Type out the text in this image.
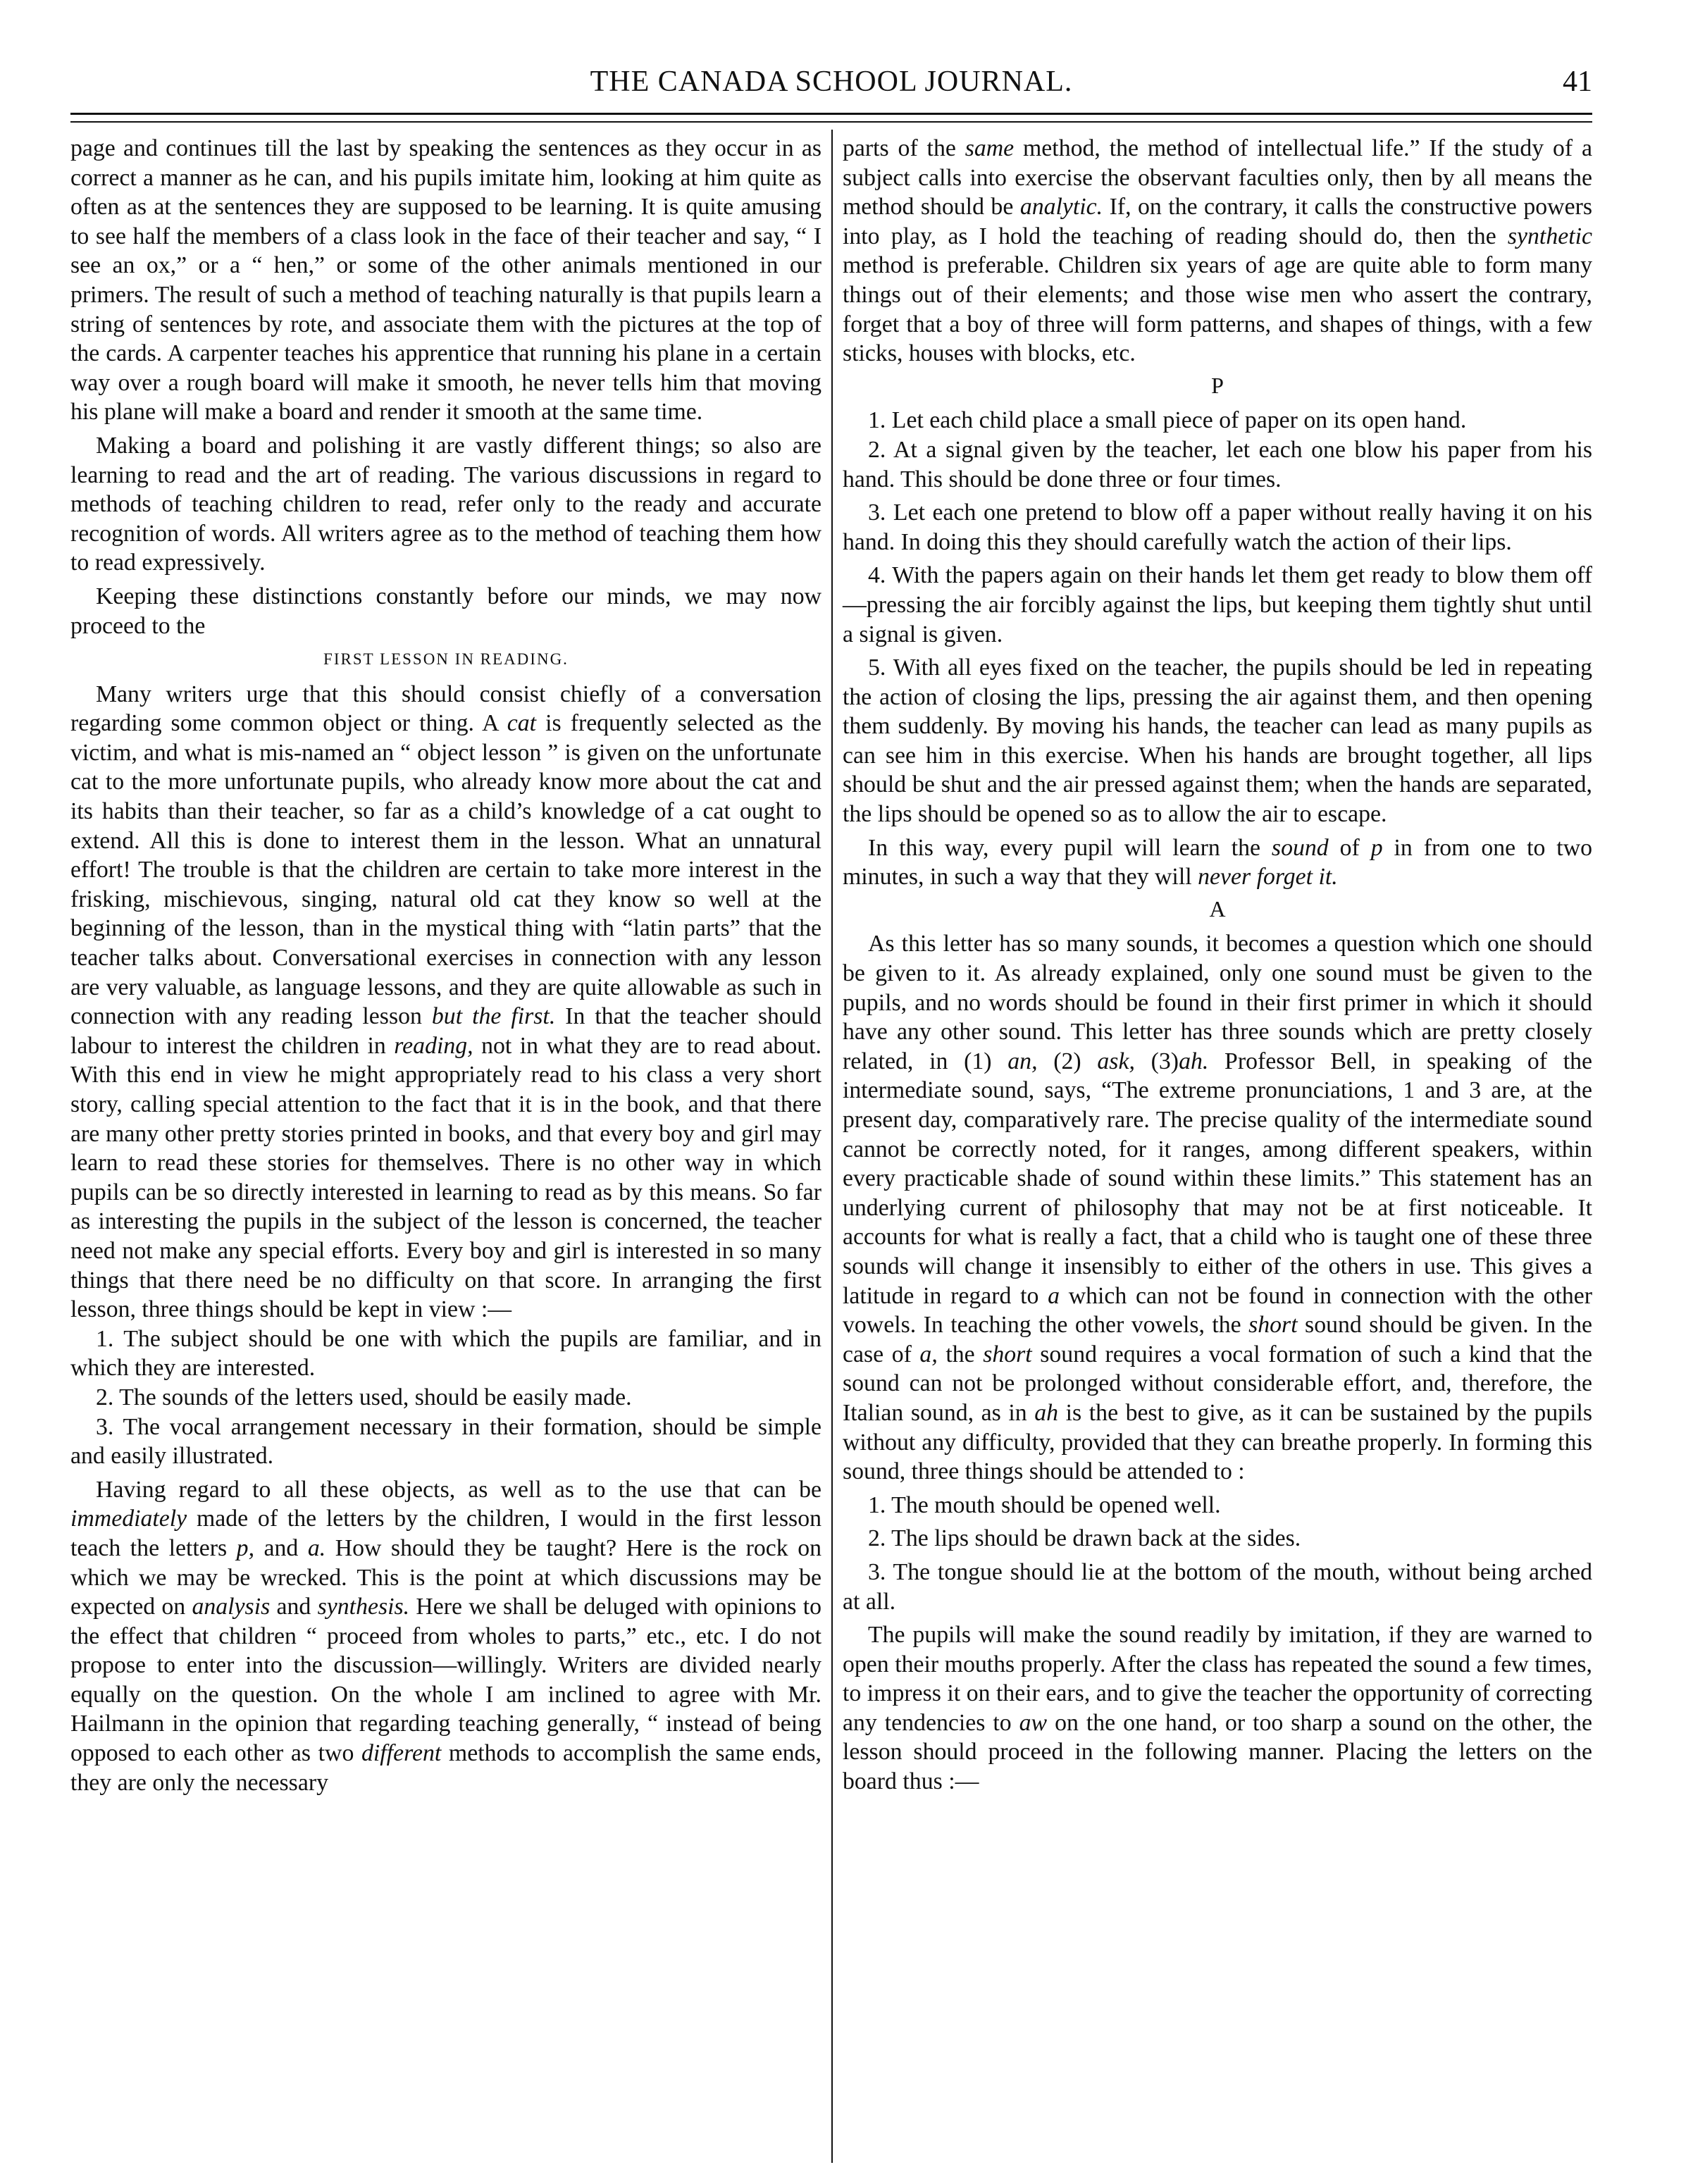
THE CANADA SCHOOL JOURNAL.	41

page and continues till the last by speaking the sentences as they occur in as correct a manner as he can, and his pupils imitate him, looking at him quite as often as at the sentences they are supposed to be learning. It is quite amusing to see half the members of a class look in the face of their teacher and say, “ I see an ox,” or a “ hen,” or some of the other animals mentioned in our primers. The result of such a method of teaching naturally is that pupils learn a string of sentences by rote, and associate them with the pictures at the top of the cards. A carpenter teaches his apprentice that running his plane in a certain way over a rough board will make it smooth, he never tells him that moving his plane will make a board and render it smooth at the same time.

Making a board and polishing it are vastly different things; so also are learning to read and the art of reading. The various discussions in regard to methods of teaching children to read, refer only to the ready and accurate recognition of words. All writers agree as to the method of teaching them how to read expressively.

Keeping these distinctions constantly before our minds, we may now proceed to the

FIRST LESSON IN READING.

Many writers urge that this should consist chiefly of a conversation regarding some common object or thing. A cat is frequently selected as the victim, and what is mis-named an “ object lesson ” is given on the unfortunate cat to the more unfortunate pupils, who already know more about the cat and its habits than their teacher, so far as a child’s knowledge of a cat ought to extend. All this is done to interest them in the lesson. What an unnatural effort! The trouble is that the children are certain to take more interest in the frisking, mischievous, singing, natural old cat they know so well at the beginning of the lesson, than in the mystical thing with “latin parts” that the teacher talks about. Conversational exercises in connection with any lesson are very valuable, as language lessons, and they are quite allowable as such in connection with any reading lesson but the first. In that the teacher should labour to interest the children in reading, not in what they are to read about. With this end in view he might appropriately read to his class a very short story, calling special attention to the fact that it is in the book, and that there are many other pretty stories printed in books, and that every boy and girl may learn to read these stories for themselves. There is no other way in which pupils can be so directly interested in learning to read as by this means. So far as interesting the pupils in the subject of the lesson is concerned, the teacher need not make any special efforts. Every boy and girl is interested in so many things that there need be no difficulty on that score. In arranging the first lesson, three things should be kept in view :—

1. The subject should be one with which the pupils are familiar, and in which they are interested.

2. The sounds of the letters used, should be easily made.

3. The vocal arrangement necessary in their formation, should be simple and easily illustrated.

Having regard to all these objects, as well as to the use that can be immediately made of the letters by the children, I would in the first lesson teach the letters p, and a. How should they be taught? Here is the rock on which we may be wrecked. This is the point at which discussions may be expected on analysis and synthesis. Here we shall be deluged with opinions to the effect that children “ proceed from wholes to parts,” etc., etc. I do not propose to enter into the discussion—willingly. Writers are divided nearly equally on the question. On the whole I am inclined to agree with Mr. Hailmann in the opinion that regarding teaching generally, “ instead of being opposed to each other as two different methods to accomplish the same ends, they are only the necessary

parts of the same method, the method of intellectual life.” If the study of a subject calls into exercise the observant faculties only, then by all means the method should be analytic. If, on the contrary, it calls the constructive powers into play, as I hold the teaching of reading should do, then the synthetic method is preferable. Children six years of age are quite able to form many things out of their elements; and those wise men who assert the contrary, forget that a boy of three will form patterns, and shapes of things, with a few sticks, houses with blocks, etc.

P

1. Let each child place a small piece of paper on its open hand.

2. At a signal given by the teacher, let each one blow his paper from his hand. This should be done three or four times.

3. Let each one pretend to blow off a paper without really having it on his hand. In doing this they should carefully watch the action of their lips.

4. With the papers again on their hands let them get ready to blow them off—pressing the air forcibly against the lips, but keeping them tightly shut until a signal is given.

5. With all eyes fixed on the teacher, the pupils should be led in repeating the action of closing the lips, pressing the air against them, and then opening them suddenly. By moving his hands, the teacher can lead as many pupils as can see him in this exercise. When his hands are brought together, all lips should be shut and the air pressed against them; when the hands are separated, the lips should be opened so as to allow the air to escape.

In this way, every pupil will learn the sound of p in from one to two minutes, in such a way that they will never forget it.

A

As this letter has so many sounds, it becomes a question which one should be given to it. As already explained, only one sound must be given to the pupils, and no words should be found in their first primer in which it should have any other sound. This letter has three sounds which are pretty closely related, in (1) an, (2) ask, (3)ah. Professor Bell, in speaking of the intermediate sound, says, “The extreme pronunciations, 1 and 3 are, at the present day, comparatively rare. The precise quality of the intermediate sound cannot be correctly noted, for it ranges, among different speakers, within every practicable shade of sound within these limits.” This statement has an underlying current of philosophy that may not be at first noticeable. It accounts for what is really a fact, that a child who is taught one of these three sounds will change it insensibly to either of the others in use. This gives a latitude in regard to a which can not be found in connection with the other vowels. In teaching the other vowels, the short sound should be given. In the case of a, the short sound requires a vocal formation of such a kind that the sound can not be prolonged without considerable effort, and, therefore, the Italian sound, as in ah is the best to give, as it can be sustained by the pupils without any difficulty, provided that they can breathe properly. In forming this sound, three things should be attended to :

1. The mouth should be opened well.

2. The lips should be drawn back at the sides.

3. The tongue should lie at the bottom of the mouth, without being arched at all.

The pupils will make the sound readily by imitation, if they are warned to open their mouths properly. After the class has repeated the sound a few times, to impress it on their ears, and to give the teacher the opportunity of correcting any tendencies to aw on the one hand, or too sharp a sound on the other, the lesson should proceed in the following manner. Placing the letters on the board thus :—
